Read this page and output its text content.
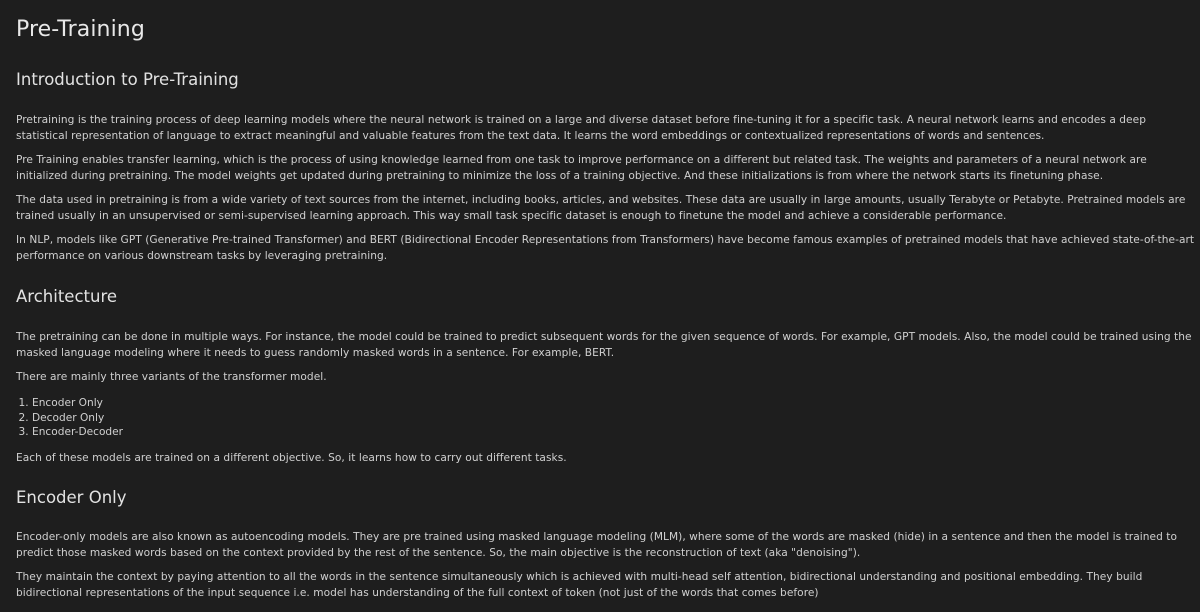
Pre-Training
Introduction to Pre-Training

Pretraining is the training process of deep learning models where the neural network is trained on a large and diverse dataset before fine-tuning it for a specific task. A neural network learns and encodes a deep statistical representation of language to extract meaningful and valuable features from the text data. It learns the word embeddings or contextualized representations of words and sentences.

Pre Training enables transfer learning, which is the process of using knowledge learned from one task to improve performance on a different but related task. The weights and parameters of a neural network are initialized during pretraining. The model weights get updated during pretraining to minimize the loss of a training objective. And these initializations is from where the network starts its finetuning phase.

The data used in pretraining is from a wide variety of text sources from the internet, including books, articles, and websites. These data are usually in large amounts, usually Terabyte or Petabyte. Pretrained models are trained usually in an unsupervised or semi-supervised learning approach. This way small task specific dataset is enough to finetune the model and achieve a considerable performance.

In NLP, models like GPT (Generative Pre-trained Transformer) and BERT (Bidirectional Encoder Representations from Transformers) have become famous examples of pretrained models that have achieved state-of-the-art performance on various downstream tasks by leveraging pretraining.

Architecture

The pretraining can be done in multiple ways. For instance, the model could be trained to predict subsequent words for the given sequence of words. For example, GPT models. Also, the model could be trained using the masked language modeling where it needs to guess randomly masked words in a sentence. For example, BERT.

There are mainly three variants of the transformer model.

1. Encoder Only
2. Decoder Only
3. Encoder-Decoder

Each of these models are trained on a different objective. So, it learns how to carry out different tasks.

Encoder Only

Encoder-only models are also known as autoencoding models. They are pre trained using masked language modeling (MLM), where some of the words are masked (hide) in a sentence and then the model is trained to predict those masked words based on the context provided by the rest of the sentence. So, the main objective is the reconstruction of text (aka "denoising").

They maintain the context by paying attention to all the words in the sentence simultaneously which is achieved with multi-head self attention, bidirectional understanding and positional embedding. They build bidirectional representations of the input sequence i.e. model has understanding of the full context of token (not just of the words that comes before)
